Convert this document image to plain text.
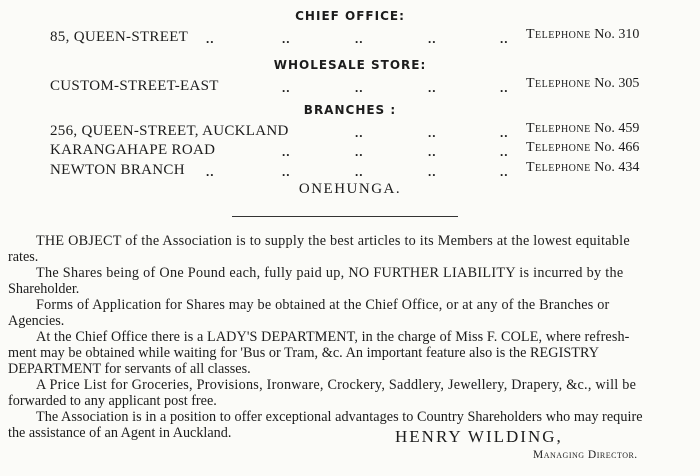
CHIEF OFFICE:
WHOLESALE STORE:
BRANCHES :
85, QUEEN-STREET ..	..	..	..	.. Telephone No. 310
CUSTOM-STREET-EAST	..	..	..	.. Telephone No. 305
256, QUEEN-STREET, AUCKLAND	..	..	.. Telephone No. 459
KARANGAHAPE ROAD	..	..	..	.. Telephone No. 466
NEWTON BRANCH ..	..	..	..	.. Telephone No. 434
ONEHUNGA.
THE OBJECT of the Association is to supply the best articles to its Members at the lowest equitable
rates.
The Shares being of One Pound each, fully paid up, NO FURTHER LIABILITY is incurred by the
Shareholder.
Forms of Application for Shares may be obtained at the Chief Office, or at any of the Branches or
Agencies.
At the Chief Office there is a LADY'S DEPARTMENT, in the charge of Miss F. COLE, where refresh-
ment may be obtained while waiting for 'Bus or Tram, &c. An important feature also is the REGISTRY
DEPARTMENT for servants of all classes.
A Price List for Groceries, Provisions, Ironware, Crockery, Saddlery, Jewellery, Drapery, &c., will be
forwarded to any applicant post free.
The Association is in a position to offer exceptional advantages to Country Shareholders who may require
the assistance of an Agent in Auckland.	HENRY WILDING,
Managing Director.
